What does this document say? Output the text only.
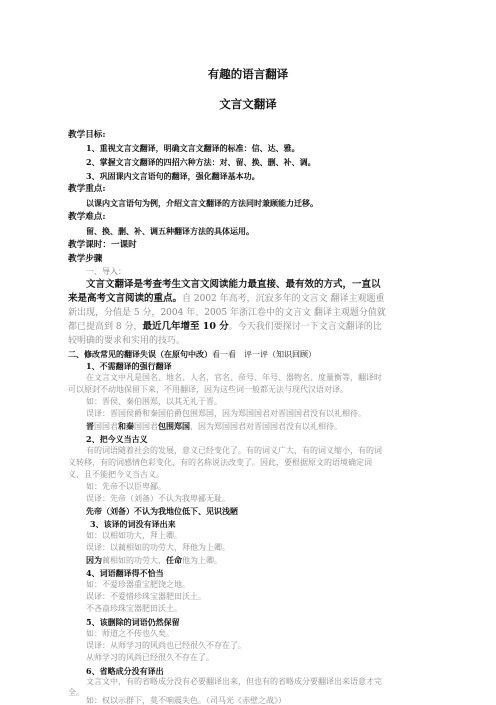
有趣的语言翻译
文言文翻译
教学目标:
1、重视文言文翻译，明确文言文翻译的标准：信、达、雅。
2、掌握文言文翻译的四招六种方法：对、留、换、删、补、调。
3、巩固课内文言语句的翻译，强化翻译基本功。
教学重点:
以课内文言语句为例，介绍文言文翻译的方法同时兼顾能力迁移。
教学难点:
留、换、删、补、调五种翻译方法的具体运用。
教学课时：一课时
教学步骤
一、导入：
文言文翻译是考查考生文言文阅读能力最直接、最有效的方式，一直以
来是高考文言阅读的重点。自 2002 年高考，沉寂多年的文言文 翻译主观题重
新出现，分值是 5 分，2004 年、2005 年浙江卷中的文言文 翻译主观题分值就
都已提高到 8 分，最近几年增至 10 分。今天我们要探讨一下文言文翻译的比
较明确的要求和实用的技巧。
二、修改常见的翻译失误（在原句中改）看一看　评一评（知识回顾）
1、不需翻译的强行翻译
在文言文中凡是国名、地名、人名，官名、帝号、年号、器物名、度量衡等，翻译时
可以原封不动地保留下来，不用翻译，因为这些词一般都无法与现代汉语对译。
如：晋侯、秦伯围郑，以其无礼于晋。
误译：晋国侯爵和秦国伯爵包围郑国，因为郑国国君对晋国国君没有以礼相待。
晋国国君和秦国国君包围郑国，因为郑国国君对晋国国君没有以礼相待。
2、把今义当古义
有的词语随着社会的发展，意义已经变化了。有的词义广大，有的词义缩小，有的词
义转移，有的词感情色彩变化，有的名称说法改变了。因此，要根据原文的语境确定词
义，且不能把今义当古义。
如：先帝不以臣卑鄙。
误译：先帝（刘备）不认为我卑鄙无耻。
先帝（刘备）不认为我地位低下、见识浅陋
3、该译的词没有译出来
如：以相如功大，拜上卿。
误译：以蔺相如的功劳大，拜他为上卿。
因为蔺相如的功劳大，任命他为上卿。
4、词语翻译得不恰当
如：不爱珍器重宝肥饶之地。
误译：不爱惜珍珠宝器肥田沃土。
不吝啬珍珠宝器肥田沃土。
5、该删除的词语仍然保留
如：师道之不传也久矣。
误译：从师学习的风尚也已经很久不存在了。
从师学习的风尚已经很久不存在了。
6、省略成分没有译出
文言文中，有的省略成分没有必要翻译出来，但也有的省略成分要翻译出来语意才完
全。
如：权以示群下，莫不响震失色。（司马光《赤壁之战》）
